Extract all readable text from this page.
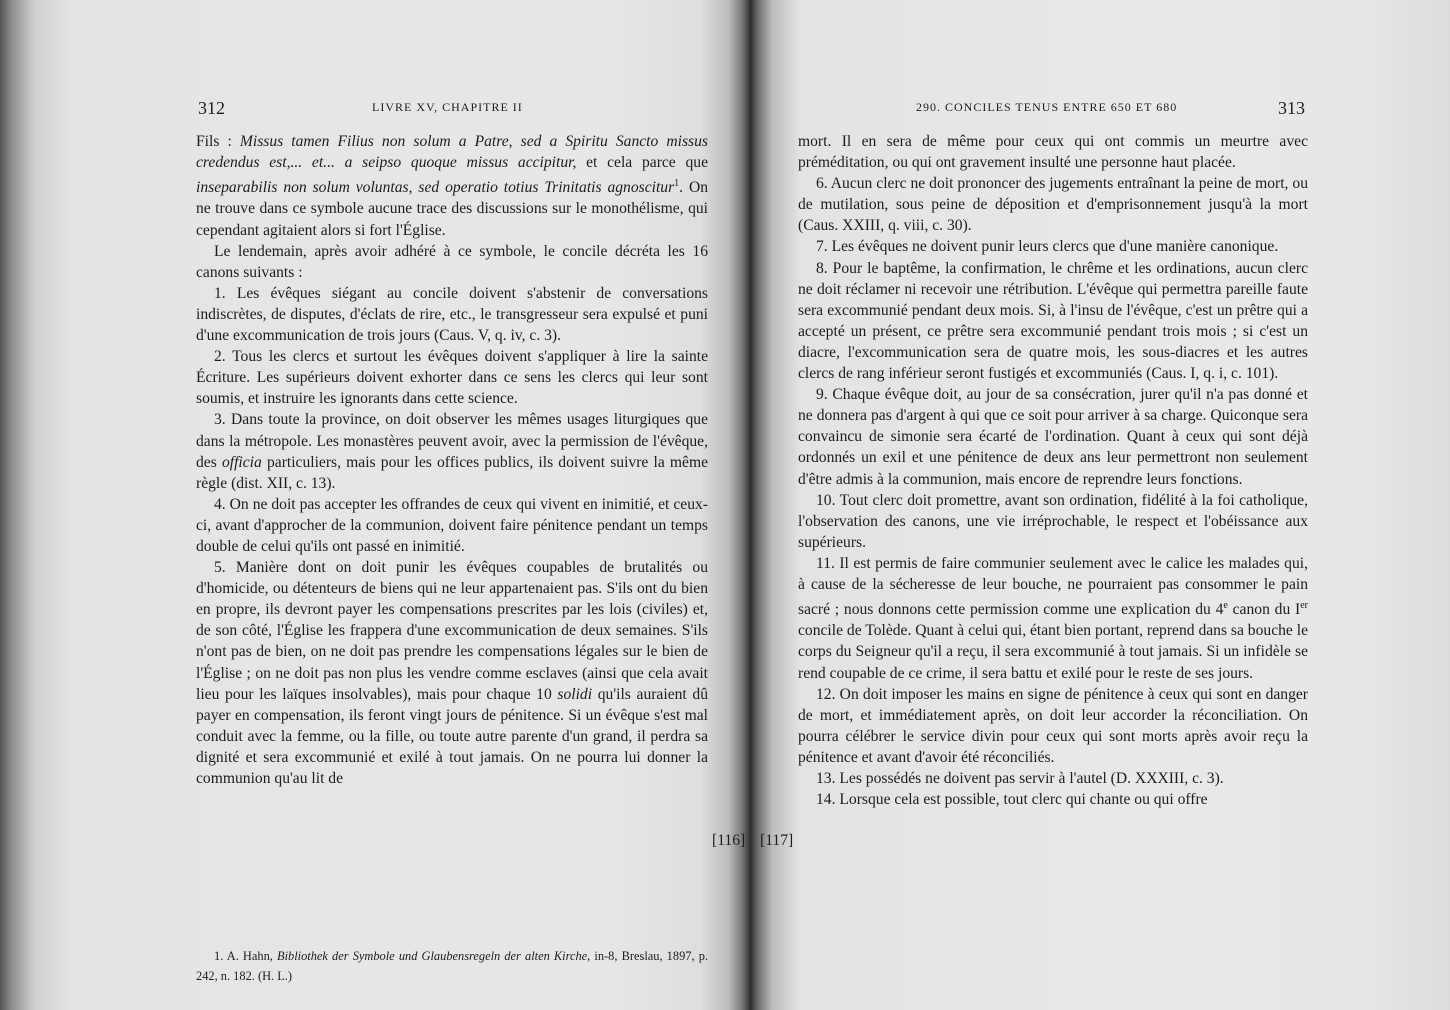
312	LIVRE XV, CHAPITRE II

Fils : Missus tamen Filius non solum a Patre, sed a Spiritu Sancto missus credendus est,... et... a seipso quoque missus accipitur, et cela parce que inseparabilis non solum voluntas, sed operatio totius Trinitatis agnoscitur$^1$. On ne trouve dans ce symbole aucune trace des discussions sur le monothélisme, qui cependant agitaient alors si fort l'Église.

Le lendemain, après avoir adhéré à ce symbole, le concile décréta les 16 canons suivants :

1. Les évêques siégant au concile doivent s'abstenir de conversations indiscrètes, de disputes, d'éclats de rire, etc., le transgresseur sera expulsé et puni d'une excommunication de trois jours (Caus. V, q. iv, c. 3).

2. Tous les clercs et surtout les évêques doivent s'appliquer à lire la sainte Écriture. Les supérieurs doivent exhorter dans ce sens les clercs qui leur sont soumis, et instruire les ignorants dans cette science.

3. Dans toute la province, on doit observer les mêmes usages liturgiques que dans la métropole. Les monastères peuvent avoir, avec la permission de l'évêque, des officia particuliers, mais pour les offices publics, ils doivent suivre la même règle (dist. XII, c. 13).

4. On ne doit pas accepter les offrandes de ceux qui vivent en inimitié, et ceux-ci, avant d'approcher de la communion, doivent faire pénitence pendant un temps double de celui qu'ils ont passé en inimitié.

5. Manière dont on doit punir les évêques coupables de brutalités ou d'homicide, ou détenteurs de biens qui ne leur appartenaient pas. S'ils ont du bien en propre, ils devront payer les compensations prescrites par les lois (civiles) et, de son côté, l'Église les frappera d'une excommunication de deux semaines. S'ils n'ont pas de bien, on ne doit pas prendre les compensations légales sur le bien de l'Église ; on ne doit pas non plus les vendre comme esclaves (ainsi que cela avait lieu pour les laïques insolvables), mais pour chaque 10 solidi qu'ils auraient dû payer en compensation, ils feront vingt jours de pénitence. Si un évêque s'est mal conduit avec la femme, ou la fille, ou toute autre parente d'un grand, il perdra sa dignité et sera excommunié et exilé à tout jamais. On ne pourra lui donner la communion qu'au lit de

[116]

1. A. Hahn, Bibliothek der Symbole und Glaubensregeln der alten Kirche, in-8, Breslau, 1897, p. 242, n. 182. (H. L.)

290. CONCILES TENUS ENTRE 650 ET 680	313
[117]

mort. Il en sera de même pour ceux qui ont commis un meurtre avec préméditation, ou qui ont gravement insulté une personne haut placée.

6. Aucun clerc ne doit prononcer des jugements entraînant la peine de mort, ou de mutilation, sous peine de déposition et d'emprisonnement jusqu'à la mort (Caus. XXIII, q. viii, c. 30).

7. Les évêques ne doivent punir leurs clercs que d'une manière canonique.

8. Pour le baptême, la confirmation, le chrême et les ordinations, aucun clerc ne doit réclamer ni recevoir une rétribution. L'évêque qui permettra pareille faute sera excommunié pendant deux mois. Si, à l'insu de l'évêque, c'est un prêtre qui a accepté un présent, ce prêtre sera excommunié pendant trois mois ; si c'est un diacre, l'excommunication sera de quatre mois, les sous-diacres et les autres clercs de rang inférieur seront fustigés et excommuniés (Caus. I, q. i, c. 101).

9. Chaque évêque doit, au jour de sa consécration, jurer qu'il n'a pas donné et ne donnera pas d'argent à qui que ce soit pour arriver à sa charge. Quiconque sera convaincu de simonie sera écarté de l'ordination. Quant à ceux qui sont déjà ordonnés un exil et une pénitence de deux ans leur permettront non seulement d'être admis à la communion, mais encore de reprendre leurs fonctions.

10. Tout clerc doit promettre, avant son ordination, fidélité à la foi catholique, l'observation des canons, une vie irréprochable, le respect et l'obéissance aux supérieurs.

11. Il est permis de faire communier seulement avec le calice les malades qui, à cause de la sécheresse de leur bouche, ne pourraient pas consommer le pain sacré ; nous donnons cette permission comme une explication du 4e canon du Ier concile de Tolède. Quant à celui qui, étant bien portant, reprend dans sa bouche le corps du Seigneur qu'il a reçu, il sera excommunié à tout jamais. Si un infidèle se rend coupable de ce crime, il sera battu et exilé pour le reste de ses jours.

12. On doit imposer les mains en signe de pénitence à ceux qui sont en danger de mort, et immédiatement après, on doit leur accorder la réconciliation. On pourra célébrer le service divin pour ceux qui sont morts après avoir reçu la pénitence et avant d'avoir été réconciliés.

13. Les possédés ne doivent pas servir à l'autel (D. XXXIII, c. 3).

14. Lorsque cela est possible, tout clerc qui chante ou qui offre
